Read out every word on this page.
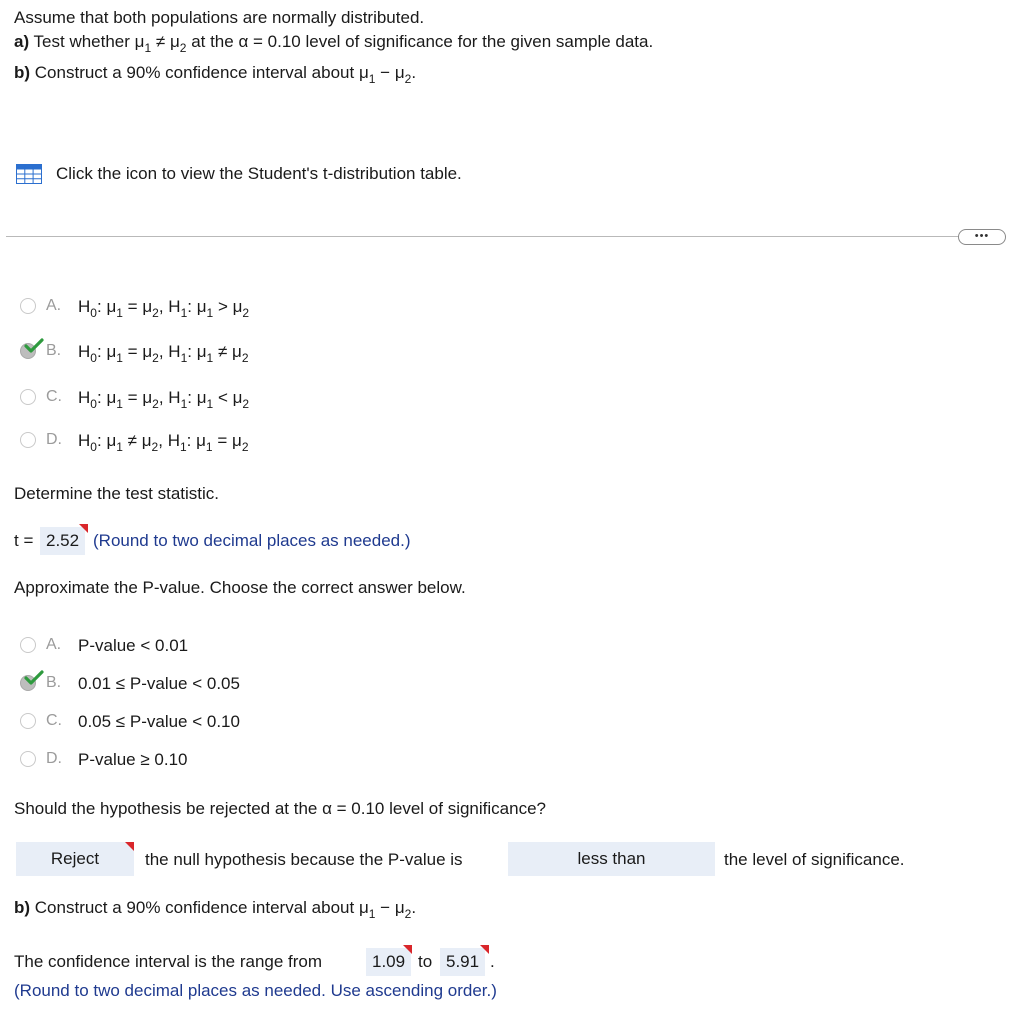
Assume that both populations are normally distributed.
a) Test whether $\mu_1 \ne \mu_2$ at the α = 0.10 level of significance for the given sample data.
b) Construct a 90% confidence interval about $\mu_1 - \mu_2$.
Click the icon to view the Student's t-distribution table.
•••
A. $H_0$: $\mu_1 = \mu_2$, $H_1$: $\mu_1 > \mu_2$
B. $H_0$: $\mu_1 = \mu_2$, $H_1$: $\mu_1 \ne \mu_2$
C. $H_0$: $\mu_1 = \mu_2$, $H_1$: $\mu_1 < \mu_2$
D. $H_0$: $\mu_1 \ne \mu_2$, $H_1$: $\mu_1 = \mu_2$
Determine the test statistic.
t = 2.52 (Round to two decimal places as needed.)
Approximate the P-value. Choose the correct answer below.
A. P-value < 0.01
B. 0.01 ≤ P-value < 0.05
C. 0.05 ≤ P-value < 0.10
D. P-value ≥ 0.10
Should the hypothesis be rejected at the α = 0.10 level of significance?
Reject	the null hypothesis because the P-value is	less than	the level of significance.
b) Construct a 90% confidence interval about $\mu_1 - \mu_2$.
The confidence interval is the range from	1.09 to 5.91 .
(Round to two decimal places as needed. Use ascending order.)
